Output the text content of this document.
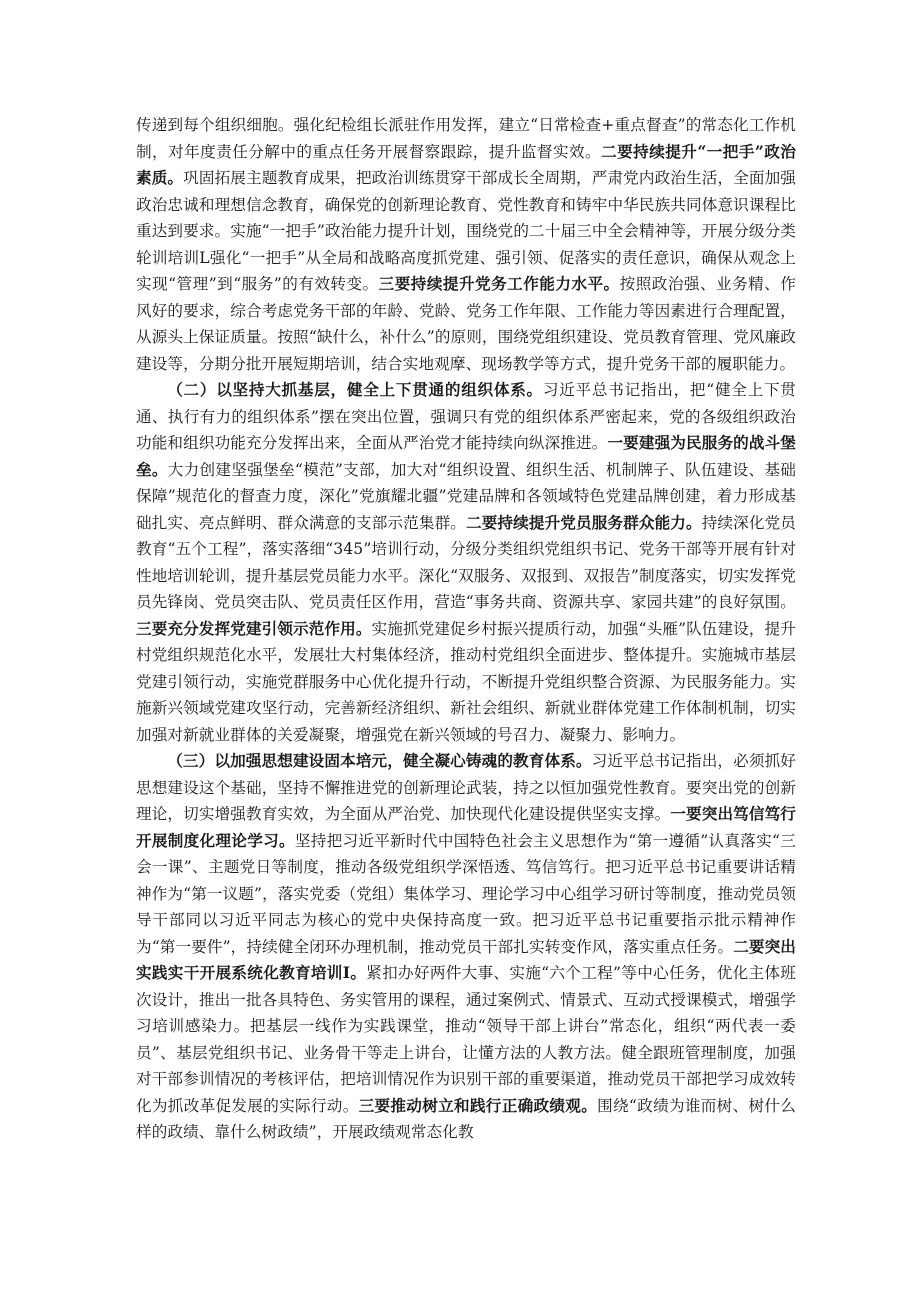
传递到每个组织细胞。强化纪检组长派驻作用发挥，建立“日常检查+重点督查”的常态化工作机制，对年度责任分解中的重点任务开展督察跟踪，提升监督实效。二要持续提升“一把手”政治素质。巩固拓展主题教育成果，把政治训练贯穿干部成长全周期，严肃党内政治生活，全面加强政治忠诚和理想信念教育，确保党的创新理论教育、党性教育和铸牢中华民族共同体意识课程比重达到要求。实施“一把手”政治能力提升计划，围绕党的二十届三中全会精神等，开展分级分类轮训培训L强化“一把手”从全局和战略高度抓党建、强引领、促落实的责任意识，确保从观念上实现“管理”到“服务”的有效转变。三要持续提升党务工作能力水平。按照政治强、业务精、作风好的要求，综合考虑党务干部的年龄、党龄、党务工作年限、工作能力等因素进行合理配置，从源头上保证质量。按照“缺什么，补什么”的原则，围绕党组织建设、党员教育管理、党风廉政建设等，分期分批开展短期培训，结合实地观摩、现场教学等方式，提升党务干部的履职能力。

（二）以坚持大抓基层，健全上下贯通的组织体系。习近平总书记指出，把“健全上下贯通、执行有力的组织体系”摆在突出位置，强调只有党的组织体系严密起来，党的各级组织政治功能和组织功能充分发挥出来，全面从严治党才能持续向纵深推进。一要建强为民服务的战斗堡垒。大力创建坚强堡垒“模范”支部，加大对“组织设置、组织生活、机制牌子、队伍建设、基础保障”规范化的督查力度，深化”党旗耀北疆”党建品牌和各领域特色党建品牌创建，着力形成基础扎实、亮点鲜明、群众满意的支部示范集群。二要持续提升党员服务群众能力。持续深化党员教育“五个工程”，落实落细“345”培训行动，分级分类组织党组织书记、党务干部等开展有针对性地培训轮训，提升基层党员能力水平。深化“双服务、双报到、双报告”制度落实，切实发挥党员先锋岗、党员突击队、党员责任区作用，营造“事务共商、资源共享、家园共建”的良好氛围。三要充分发挥党建引领示范作用。实施抓党建促乡村振兴提质行动，加强“头雁”队伍建设，提升村党组织规范化水平，发展壮大村集体经济，推动村党组织全面进步、整体提升。实施城市基层党建引领行动，实施党群服务中心优化提升行动，不断提升党组织整合资源、为民服务能力。实施新兴领域党建攻坚行动，完善新经济组织、新社会组织、新就业群体党建工作体制机制，切实加强对新就业群体的关爱凝聚，增强党在新兴领域的号召力、凝聚力、影响力。

（三）以加强思想建设固本培元，健全凝心铸魂的教育体系。习近平总书记指出，必须抓好思想建设这个基础，坚持不懈推进党的创新理论武装，持之以恒加强党性教育。要突出党的创新理论，切实增强教育实效，为全面从严治党、加快现代化建设提供坚实支撑。一要突出笃信笃行开展制度化理论学习。坚持把习近平新时代中国特色社会主义思想作为“第一遵循”认真落实“三会一课”、主题党日等制度，推动各级党组织学深悟透、笃信笃行。把习近平总书记重要讲话精神作为“第一议题”，落实党委（党组）集体学习、理论学习中心组学习研讨等制度，推动党员领导干部同以习近平同志为核心的党中央保持高度一致。把习近平总书记重要指示批示精神作为“第一要件”，持续健全闭环办理机制，推动党员干部扎实转变作风，落实重点任务。二要突出实践实干开展系统化教育培训I。紧扣办好两件大事、实施“六个工程”等中心任务，优化主体班次设计，推出一批各具特色、务实管用的课程，通过案例式、情景式、互动式授课模式，增强学习培训感染力。把基层一线作为实践课堂，推动“领导干部上讲台”常态化，组织“两代表一委员”、基层党组织书记、业务骨干等走上讲台，让懂方法的人教方法。健全跟班管理制度，加强对干部参训情况的考核评估，把培训情况作为识别干部的重要渠道，推动党员干部把学习成效转化为抓改革促发展的实际行动。三要推动树立和践行正确政绩观。围绕“政绩为谁而树、树什么样的政绩、靠什么树政绩”，开展政绩观常态化教
